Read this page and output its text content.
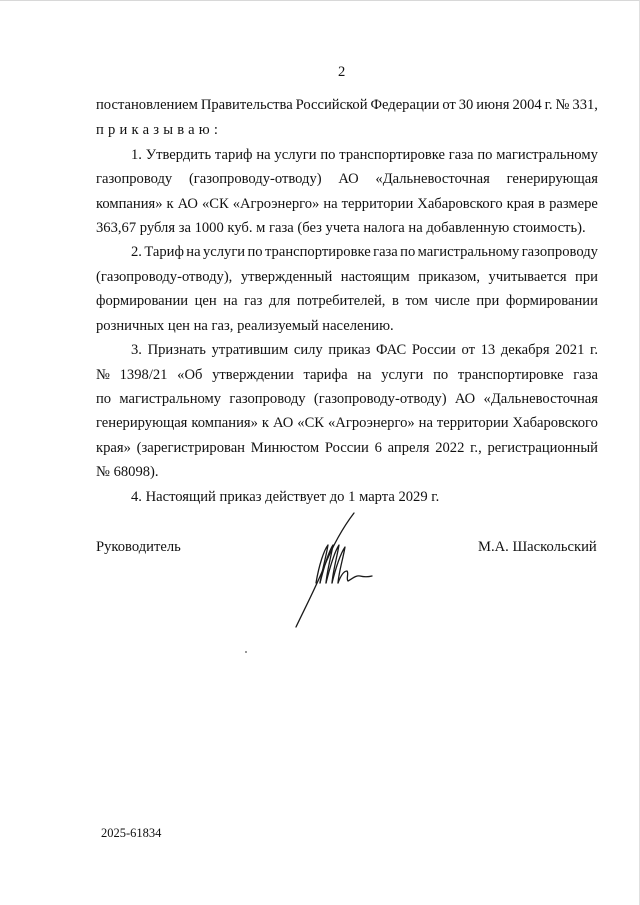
2
постановлением Правительства Российской Федерации от 30 июня 2004 г. № 331,
приказываю:
1. Утвердить тариф на услуги по транспортировке газа по магистральному
газопроводу (газопроводу-отводу) АО «Дальневосточная генерирующая
компания» к АО «СК «Агроэнерго» на территории Хабаровского края в размере
363,67 рубля за 1000 куб. м газа (без учета налога на добавленную стоимость).
2. Тариф на услуги по транспортировке газа по магистральному газопроводу
(газопроводу-отводу), утвержденный настоящим приказом, учитывается при
формировании цен на газ для потребителей, в том числе при формировании
розничных цен на газ, реализуемый населению.
3. Признать утратившим силу приказ ФАС России от 13 декабря 2021 г.
№ 1398/21 «Об утверждении тарифа на услуги по транспортировке газа
по магистральному газопроводу (газопроводу-отводу) АО «Дальневосточная
генерирующая компания» к АО «СК «Агроэнерго» на территории Хабаровского
края» (зарегистрирован Минюстом России 6 апреля 2022 г., регистрационный
№ 68098).
4. Настоящий приказ действует до 1 марта 2029 г.
Руководитель	М.А. Шаскольский
2025-61834
